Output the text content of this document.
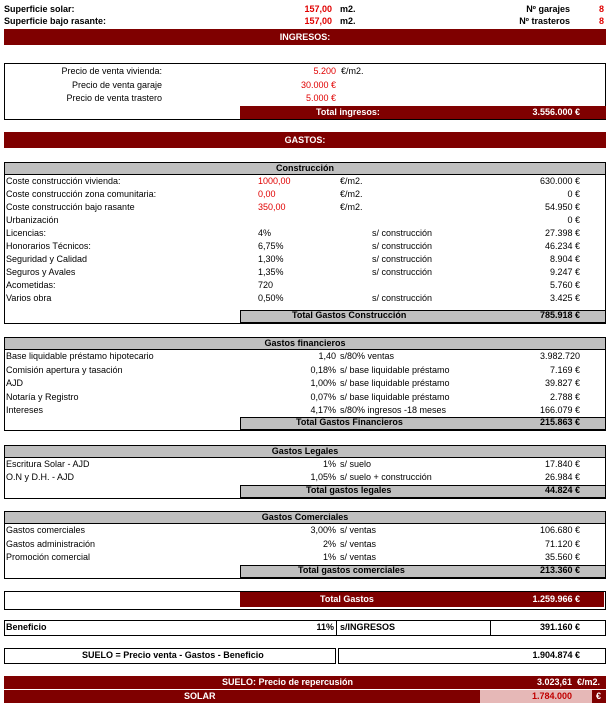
Superficie solar:	157,00 m2.	Nº garajes	8
Superficie bajo rasante:	157,00 m2.	Nº trasteros	8
INGRESOS:
Precio de venta vivienda:	5.200 €/m2.
Precio de venta garaje	30.000 €
Precio de venta trastero	5.000 €
Total ingresos:	3.556.000 €
GASTOS:
Construcción
Coste construcción vivienda:	1000,00	€/m2.	630.000 €
Coste construcción zona comunitaria:	0,00	€/m2.	0 €
Coste construcción bajo rasante	350,00	€/m2.	54.950 €
Urbanización	0 €
Licencias:	4%	s/ construcción	27.398 €
Honorarios Técnicos:	6,75%	s/ construcción	46.234 €
Seguridad y Calidad	1,30%	s/ construcción	8.904 €
Seguros y Avales	1,35%	s/ construcción	9.247 €
Acometidas:	720	5.760 €
Varios obra	0,50%	s/ construcción	3.425 €
Total Gastos Construcción	785.918 €
Gastos financieros
Base liquidable préstamo hipotecario	1,40 s/80% ventas	3.982.720
Comisión apertura y tasación	0,18% s/ base liquidable préstamo	7.169 €
AJD	1,00% s/ base liquidable préstamo	39.827 €
Notaría y Registro	0,07% s/ base liquidable préstamo	2.788 €
Intereses	4,17% s/80% ingresos -18 meses	166.079 €
Total Gastos Financieros	215.863 €
Gastos Legales
Escritura Solar - AJD	1% s/ suelo	17.840 €
O.N y D.H. - AJD	1,05% s/ suelo + construcción	26.984 €
Total gastos legales	44.824 €
Gastos Comerciales
Gastos comerciales	3,00% s/ ventas	106.680 €
Gastos administración	2% s/ ventas	71.120 €
Promoción comercial	1% s/ ventas	35.560 €
Total gastos comerciales	213.360 €
Total Gastos	1.259.966 €
Beneficio	11% s/INGRESOS	391.160 €
SUELO = Precio venta - Gastos - Beneficio	1.904.874 €
SUELO: Precio de repercusión	3.023,61 €/m2.
SOLAR	1.784.000	€
